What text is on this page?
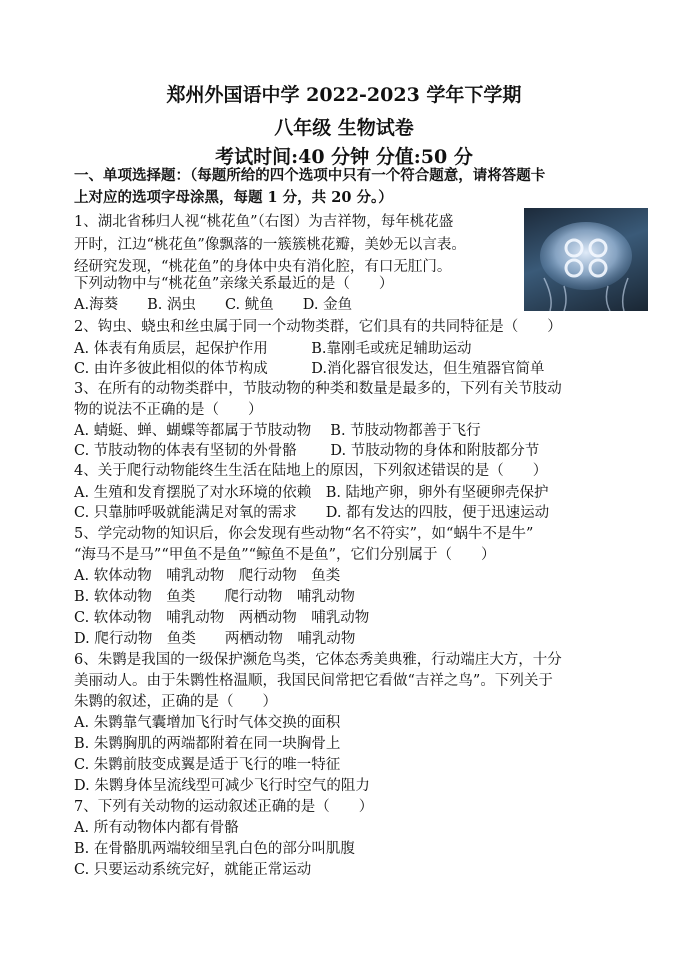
郑州外国语中学 2022-2023 学年下学期
八年级 生物试卷
考试时间:40 分钟 分值:50 分
一、单项选择题：（每题所给的四个选项中只有一个符合题意，请将答题卡
上对应的选项字母涂黑，每题 1 分，共 20 分。）
1、湖北省秭归人视“桃花鱼”（右图）为吉祥物，每年桃花盛
开时，江边“桃花鱼”像飘落的一簇簇桃花瓣，美妙无以言表。
经研究发现，“桃花鱼”的身体中央有消化腔，有口无肛门。
下列动物中与“桃花鱼”亲缘关系最近的是（　　）
A.海葵　　B. 涡虫　　C. 鱿鱼　　D. 金鱼
2、钩虫、蛲虫和丝虫属于同一个动物类群，它们具有的共同特征是（　　）
A. 体表有角质层，起保护作用　　　B.靠刚毛或疣足辅助运动
C. 由许多彼此相似的体节构成　　　D.消化器官很发达，但生殖器官简单
3、在所有的动物类群中，节肢动物的种类和数量是最多的，下列有关节肢动
物的说法不正确的是（　　）
A. 蜻蜓、蝉、蝴蝶等都属于节肢动物　 B. 节肢动物都善于飞行
C. 节肢动物的体表有坚韧的外骨骼　　 D. 节肢动物的身体和附肢都分节
4、关于爬行动物能终生生活在陆地上的原因，下列叙述错误的是（　　）
A. 生殖和发育摆脱了对水环境的依赖　B. 陆地产卵，卵外有坚硬卵壳保护
C. 只靠肺呼吸就能满足对氧的需求　　D. 都有发达的四肢，便于迅速运动
5、学完动物的知识后，你会发现有些动物“名不符实”，如“蜗牛不是牛”
“海马不是马”“甲鱼不是鱼”“鲸鱼不是鱼”，它们分别属于（　　）
A. 软体动物　哺乳动物　爬行动物　鱼类
B. 软体动物　鱼类　　爬行动物　哺乳动物
C. 软体动物　哺乳动物　两栖动物　哺乳动物
D. 爬行动物　鱼类　　两栖动物　哺乳动物
6、朱鹮是我国的一级保护濒危鸟类，它体态秀美典雅，行动端庄大方，十分
美丽动人。由于朱鹮性格温顺，我国民间常把它看做“吉祥之鸟”。下列关于
朱鹮的叙述，正确的是（　　）
A. 朱鹮靠气囊增加飞行时气体交换的面积
B. 朱鹮胸肌的两端都附着在同一块胸骨上
C. 朱鹮前肢变成翼是适于飞行的唯一特征
D. 朱鹮身体呈流线型可减少飞行时空气的阻力
7、下列有关动物的运动叙述正确的是（　　）
A. 所有动物体内都有骨骼
B. 在骨骼肌两端较细呈乳白色的部分叫肌腹
C. 只要运动系统完好，就能正常运动
